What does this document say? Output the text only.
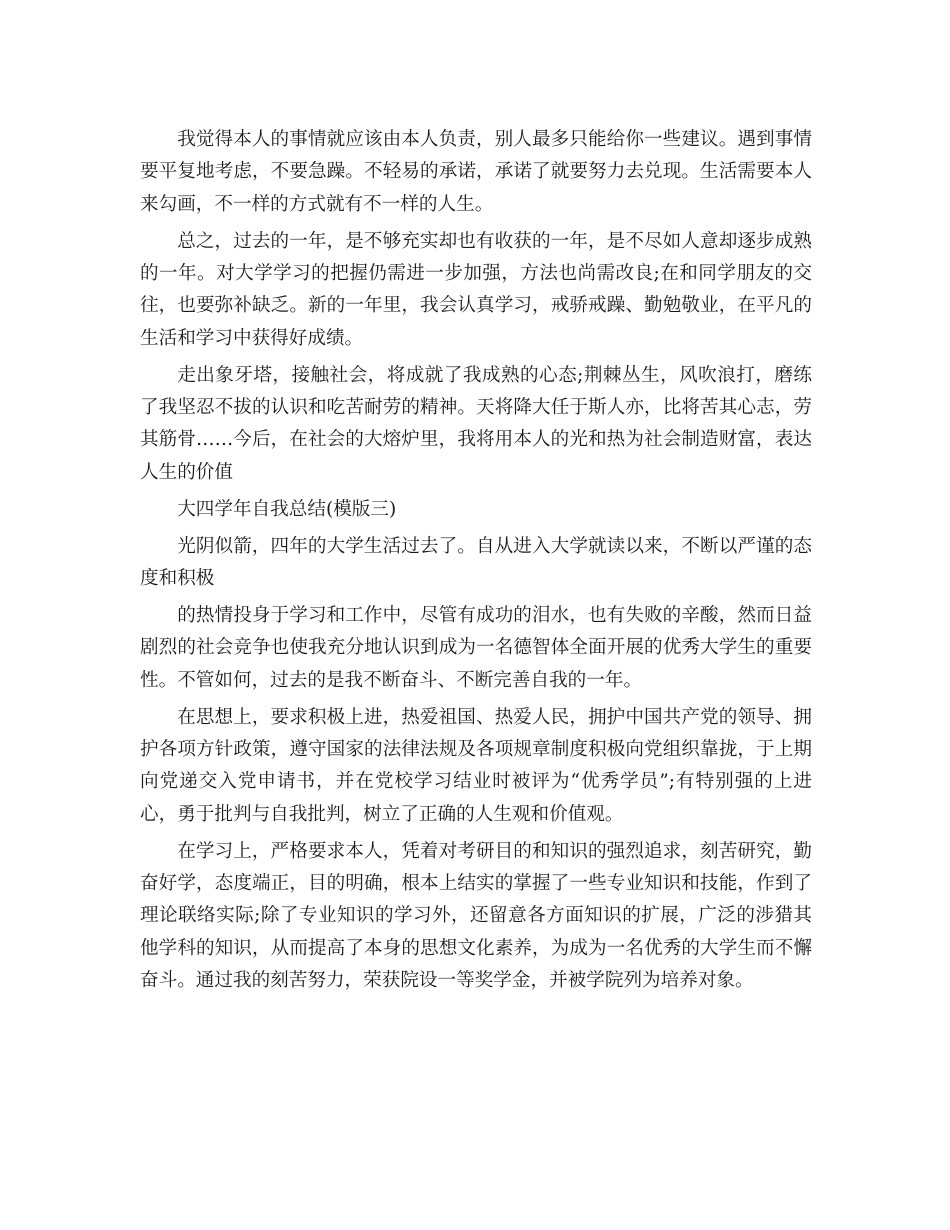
我觉得本人的事情就应该由本人负责，别人最多只能给你一些建议。遇到事情要平复地考虑，不要急躁。不轻易的承诺，承诺了就要努力去兑现。生活需要本人来勾画，不一样的方式就有不一样的人生。

总之，过去的一年，是不够充实却也有收获的一年，是不尽如人意却逐步成熟的一年。对大学学习的把握仍需进一步加强，方法也尚需改良;在和同学朋友的交往，也要弥补缺乏。新的一年里，我会认真学习，戒骄戒躁、勤勉敬业，在平凡的生活和学习中获得好成绩。

走出象牙塔，接触社会，将成就了我成熟的心态;荆棘丛生，风吹浪打，磨练了我坚忍不拔的认识和吃苦耐劳的精神。天将降大任于斯人亦，比将苦其心志，劳其筋骨……今后，在社会的大熔炉里，我将用本人的光和热为社会制造财富，表达人生的价值

大四学年自我总结(模版三)

光阴似箭，四年的大学生活过去了。自从进入大学就读以来，不断以严谨的态度和积极

的热情投身于学习和工作中，尽管有成功的泪水，也有失败的辛酸，然而日益剧烈的社会竞争也使我充分地认识到成为一名德智体全面开展的优秀大学生的重要性。不管如何，过去的是我不断奋斗、不断完善自我的一年。

在思想上，要求积极上进，热爱祖国、热爱人民，拥护中国共产党的领导、拥护各项方针政策，遵守国家的法律法规及各项规章制度积极向党组织靠拢，于上期向党递交入党申请书，并在党校学习结业时被评为“优秀学员”;有特别强的上进心，勇于批判与自我批判，树立了正确的人生观和价值观。

在学习上，严格要求本人，凭着对考研目的和知识的强烈追求，刻苦研究，勤奋好学，态度端正，目的明确，根本上结实的掌握了一些专业知识和技能，作到了理论联络实际;除了专业知识的学习外，还留意各方面知识的扩展，广泛的涉猎其他学科的知识，从而提高了本身的思想文化素养，为成为一名优秀的大学生而不懈奋斗。通过我的刻苦努力，荣获院设一等奖学金，并被学院列为培养对象。
